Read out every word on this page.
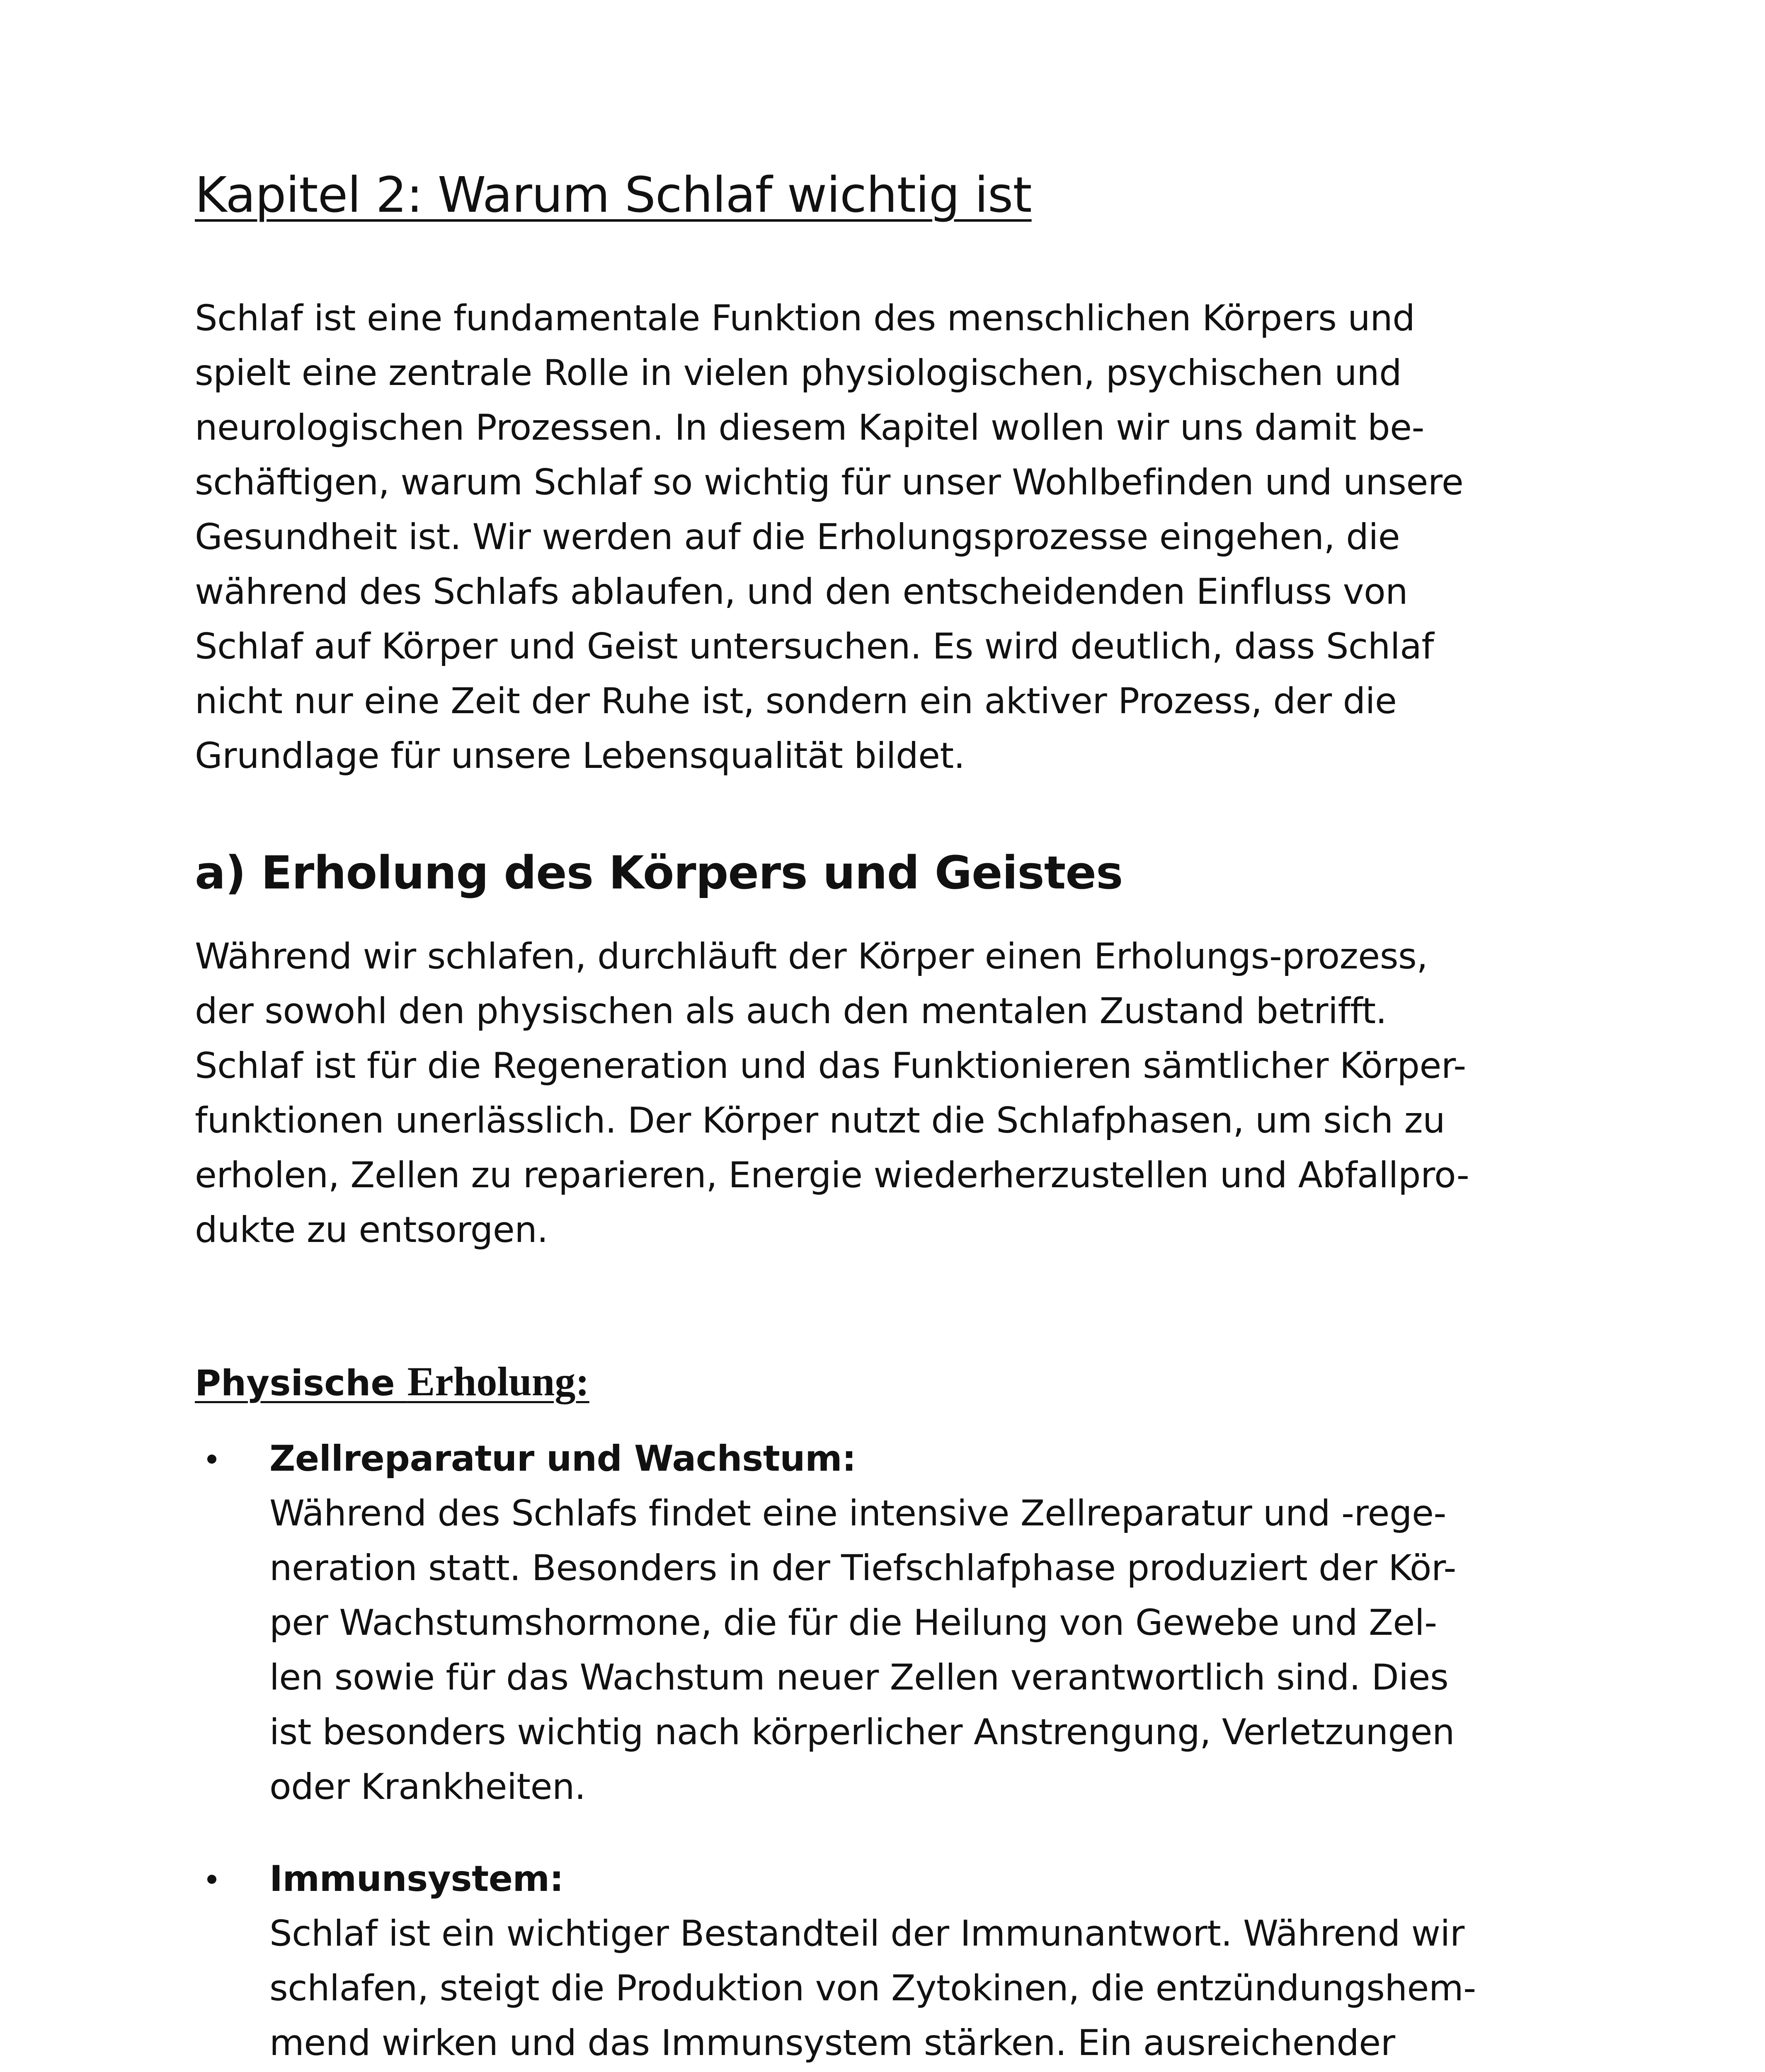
Kapitel 2: Warum Schlaf wichtig ist

Schlaf ist eine fundamentale Funktion des menschlichen Körpers und
spielt eine zentrale Rolle in vielen physiologischen, psychischen und
neurologischen Prozessen. In diesem Kapitel wollen wir uns damit be-
schäftigen, warum Schlaf so wichtig für unser Wohlbefinden und unsere
Gesundheit ist. Wir werden auf die Erholungsprozesse eingehen, die
während des Schlafs ablaufen, und den entscheidenden Einfluss von
Schlaf auf Körper und Geist untersuchen. Es wird deutlich, dass Schlaf
nicht nur eine Zeit der Ruhe ist, sondern ein aktiver Prozess, der die
Grundlage für unsere Lebensqualität bildet.

a) Erholung des Körpers und Geistes

Während wir schlafen, durchläuft der Körper einen Erholungs-prozess,
der sowohl den physischen als auch den mentalen Zustand betrifft.
Schlaf ist für die Regeneration und das Funktionieren sämtlicher Körper-
funktionen unerlässlich. Der Körper nutzt die Schlafphasen, um sich zu
erholen, Zellen zu reparieren, Energie wiederherzustellen und Abfallpro-
dukte zu entsorgen.

Physische Erholung:
Zellreparatur und Wachstum:
Während des Schlafs findet eine intensive Zellreparatur und -rege-
neration statt. Besonders in der Tiefschlafphase produziert der Kör-
per Wachstumshormone, die für die Heilung von Gewebe und Zel-
len sowie für das Wachstum neuer Zellen verantwortlich sind. Dies
ist besonders wichtig nach körperlicher Anstrengung, Verletzungen
oder Krankheiten.
Immunsystem:
Schlaf ist ein wichtiger Bestandteil der Immunantwort. Während wir
schlafen, steigt die Produktion von Zytokinen, die entzündungshem-
mend wirken und das Immunsystem stärken. Ein ausreichender
